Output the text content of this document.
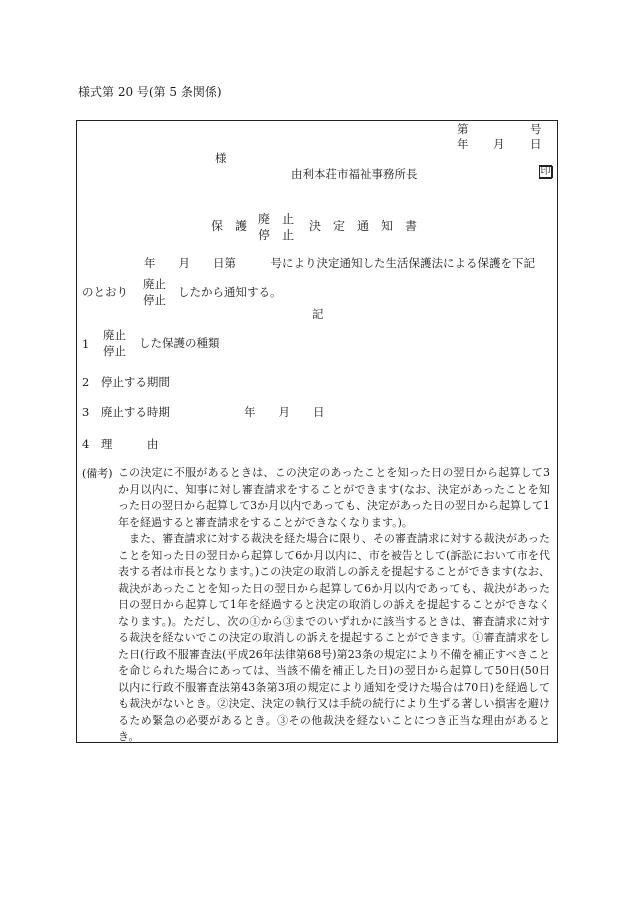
様式第 20 号(第 5 条関係)
第	号
年 月 日
様
由利本荘市福祉事務所長	印
保　護 廃　止
停　止
決　定　通　知　書
年　　月　　日第　　　号により決定通知した生活保護法による保護を下記
のとおり
廃止
停止
したから通知する。
記
1
廃止
停止
した保護の種類
2　停止する期間
3　廃止する時期	年　　月　　日
4　理　　　由
(備考) この決定に不服があるときは、この決定のあったことを知った日の翌日から起算して3か月以内に、知事に対し審査請求をすることができます(なお、決定があったことを知った日の翌日から起算して3か月以内であっても、決定があった日の翌日から起算して1年を経過すると審査請求をすることができなくなります。)。

また、審査請求に対する裁決を経た場合に限り、その審査請求に対する裁決があったことを知った日の翌日から起算して6か月以内に、市を被告として(訴訟において市を代表する者は市長となります。)この決定の取消しの訴えを提起することができます(なお、裁決があったことを知った日の翌日から起算して6か月以内であっても、裁決があった日の翌日から起算して1年を経過すると決定の取消しの訴えを提起することができなくなります。)。ただし、次の①から③までのいずれかに該当するときは、審査請求に対する裁決を経ないでこの決定の取消しの訴えを提起することができます。①審査請求をした日(行政不服審査法(平成26年法律第68号)第23条の規定により不備を補正すべきことを命じられた場合にあっては、当該不備を補正した日)の翌日から起算して50日(50日以内に行政不服審査法第43条第3項の規定により通知を受けた場合は70日)を経過しても裁決がないとき。②決定、決定の執行又は手続の続行により生ずる著しい損害を避けるため緊急の必要があるとき。③その他裁決を経ないことにつき正当な理由があるとき。
